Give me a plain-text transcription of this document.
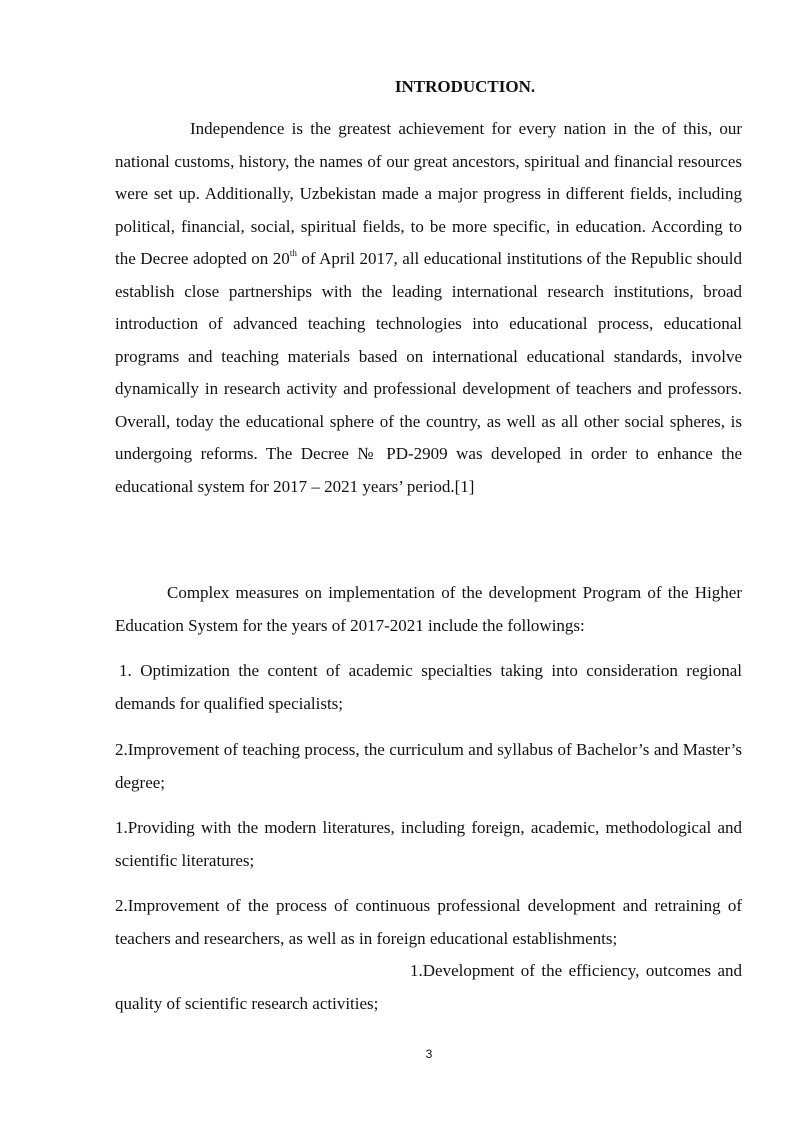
INTRODUCTION.

Independence is the greatest achievement for every nation in the of this, our national customs, history, the names of our great ancestors, spiritual and financial resources were set up. Additionally, Uzbekistan made a major progress in different fields, including political, financial, social, spiritual fields, to be more specific, in education. According to the Decree adopted on 20th of April 2017, all educational institutions of the Republic should establish close partnerships with the leading international research institutions, broad introduction of advanced teaching technologies into educational process, educational programs and teaching materials based on international educational standards, involve dynamically in research activity and professional development of teachers and professors. Overall, today the educational sphere of the country, as well as all other social spheres, is undergoing reforms. The Decree № PD-2909 was developed in order to enhance the educational system for 2017 – 2021 years’ period.[1]

Complex measures on implementation of the development Program of the Higher Education System for the years of 2017-2021 include the followings:

1. Optimization the content of academic specialties taking into consideration regional demands for qualified specialists;

2.Improvement of teaching process, the curriculum and syllabus of Bachelor’s and Master’s degree;

1.Providing with the modern literatures, including foreign, academic, methodological and scientific literatures;

2.Improvement of the process of continuous professional development and retraining of teachers and researchers, as well as in foreign educational establishments;

1.Development of the efficiency, outcomes and quality of scientific research activities;

3
